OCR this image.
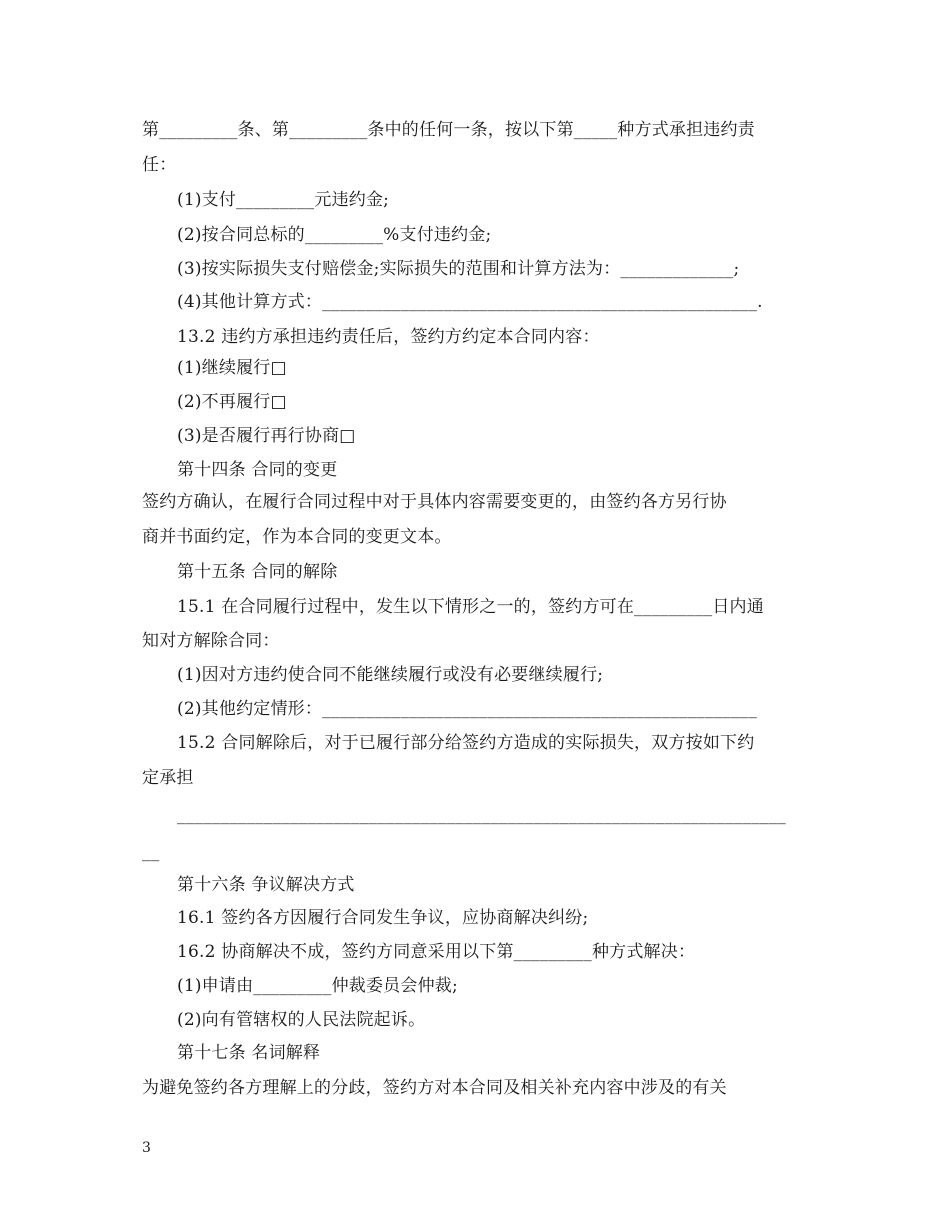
第_________条、第_________条中的任何一条，按以下第_____种方式承担违约责
任：
(1)支付_________元违约金;
(2)按合同总标的_________%支付违约金;
(3)按实际损失支付赔偿金;实际损失的范围和计算方法为：_____________;
(4)其他计算方式：__________________________________________________.
13.2 违约方承担违约责任后，签约方约定本合同内容：
(1)继续履行□
(2)不再履行□
(3)是否履行再行协商□
第十四条 合同的变更
签约方确认，在履行合同过程中对于具体内容需要变更的，由签约各方另行协
商并书面约定，作为本合同的变更文本。
第十五条 合同的解除
15.1 在合同履行过程中，发生以下情形之一的，签约方可在_________日内通
知对方解除合同：
(1)因对方违约使合同不能继续履行或没有必要继续履行;
(2)其他约定情形：__________________________________________________
15.2 合同解除后，对于已履行部分给签约方造成的实际损失，双方按如下约
定承担
______________________________________________________________________
__
第十六条 争议解决方式
16.1 签约各方因履行合同发生争议，应协商解决纠纷;
16.2 协商解决不成，签约方同意采用以下第_________种方式解决：
(1)申请由_________仲裁委员会仲裁;
(2)向有管辖权的人民法院起诉。
第十七条 名词解释
为避免签约各方理解上的分歧，签约方对本合同及相关补充内容中涉及的有关
3
